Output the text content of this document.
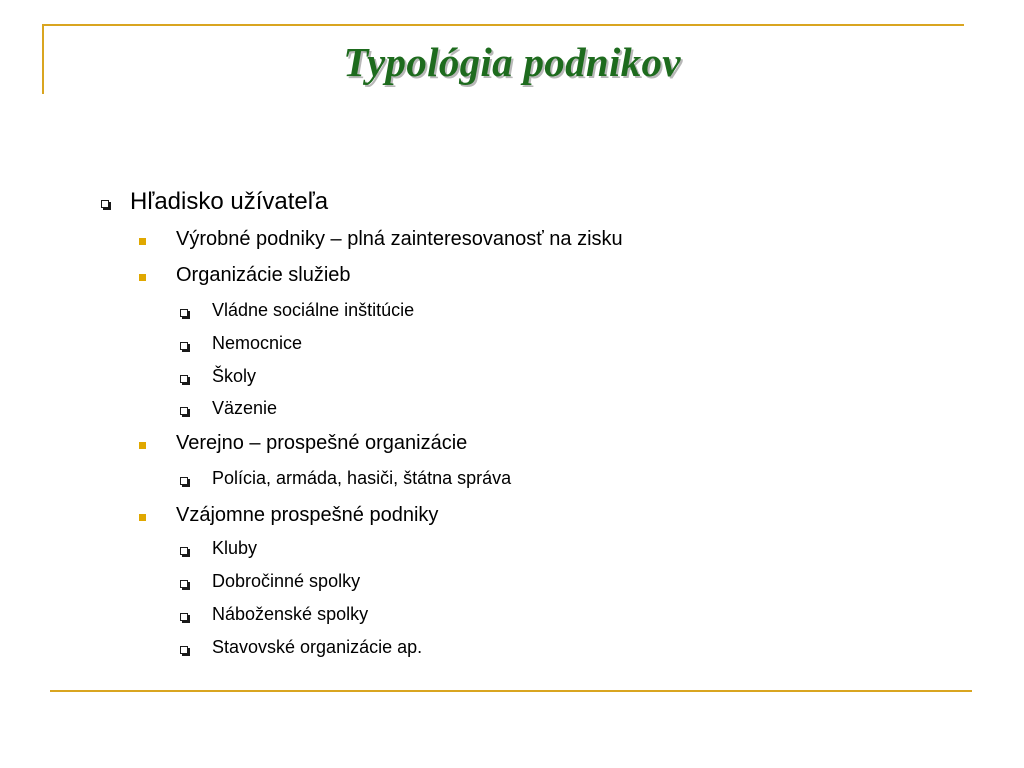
Typológia podnikov
Hľadisko užívateľa
Výrobné podniky – plná zainteresovanosť na zisku
Organizácie služieb
Vládne sociálne inštitúcie
Nemocnice
Školy
Väzenie
Verejno – prospešné organizácie
Polícia, armáda, hasiči, štátna správa
Vzájomne prospešné podniky
Kluby
Dobročinné spolky
Náboženské spolky
Stavovské organizácie ap.
